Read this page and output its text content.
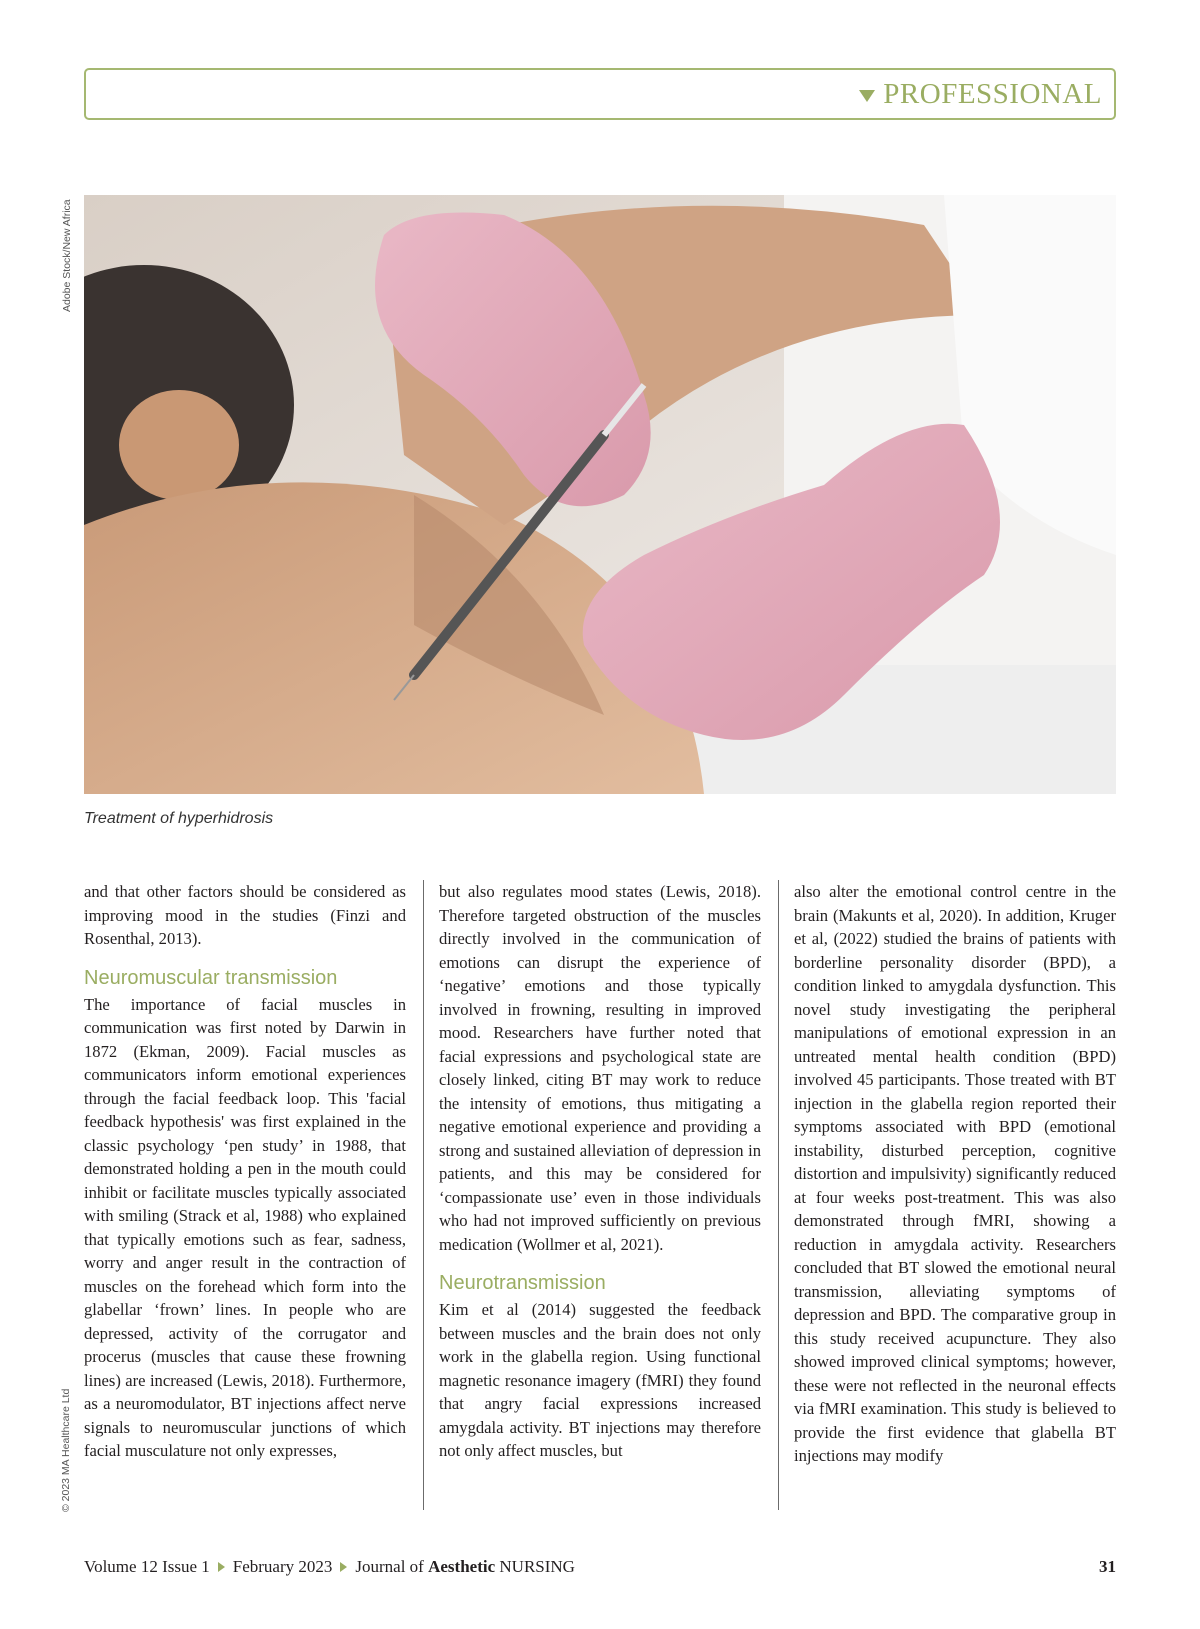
PROFESSIONAL
Adobe Stock/New Africa
Treatment of hyperhidrosis

and that other factors should be considered as improving mood in the studies (Finzi and Rosenthal, 2013).

Neuromuscular transmission

The importance of facial muscles in communication was first noted by Darwin in 1872 (Ekman, 2009). Facial muscles as communicators inform emotional experiences through the facial feedback loop. This 'facial feedback hypothesis' was first explained in the classic psychology ‘pen study’ in 1988, that demonstrated holding a pen in the mouth could inhibit or facilitate muscles typically associated with smiling (Strack et al, 1988) who explained that typically emotions such as fear, sadness, worry and anger result in the contraction of muscles on the forehead which form into the glabellar ‘frown’ lines. In people who are depressed, activity of the corrugator and procerus (muscles that cause these frowning lines) are increased (Lewis, 2018). Furthermore, as a neuromodulator, BT injections affect nerve signals to neuromuscular junctions of which facial musculature not only expresses,

but also regulates mood states (Lewis, 2018). Therefore targeted obstruction of the muscles directly involved in the communication of emotions can disrupt the experience of ‘negative’ emotions and those typically involved in frowning, resulting in improved mood. Researchers have further noted that facial expressions and psychological state are closely linked, citing BT may work to reduce the intensity of emotions, thus mitigating a negative emotional experience and providing a strong and sustained alleviation of depression in patients, and this may be considered for ‘compassionate use’ even in those individuals who had not improved sufficiently on previous medication (Wollmer et al, 2021).

Neurotransmission

Kim et al (2014) suggested the feedback between muscles and the brain does not only work in the glabella region. Using functional magnetic resonance imagery (fMRI) they found that angry facial expressions increased amygdala activity. BT injections may therefore not only affect muscles, but

also alter the emotional control centre in the brain (Makunts et al, 2020). In addition, Kruger et al, (2022) studied the brains of patients with borderline personality disorder (BPD), a condition linked to amygdala dysfunction. This novel study investigating the peripheral manipulations of emotional expression in an untreated mental health condition (BPD) involved 45 participants. Those treated with BT injection in the glabella region reported their symptoms associated with BPD (emotional instability, disturbed perception, cognitive distortion and impulsivity) significantly reduced at four weeks post-treatment. This was also demonstrated through fMRI, showing a reduction in amygdala activity. Researchers concluded that BT slowed the emotional neural transmission, alleviating symptoms of depression and BPD. The comparative group in this study received acupuncture. They also showed improved clinical symptoms; however, these were not reflected in the neuronal effects via fMRI examination. This study is believed to provide the first evidence that glabella BT injections may modify

© 2023 MA Healthcare Ltd
Volume 12 Issue 1 February 2023 Journal of Aesthetic NURSING	31
